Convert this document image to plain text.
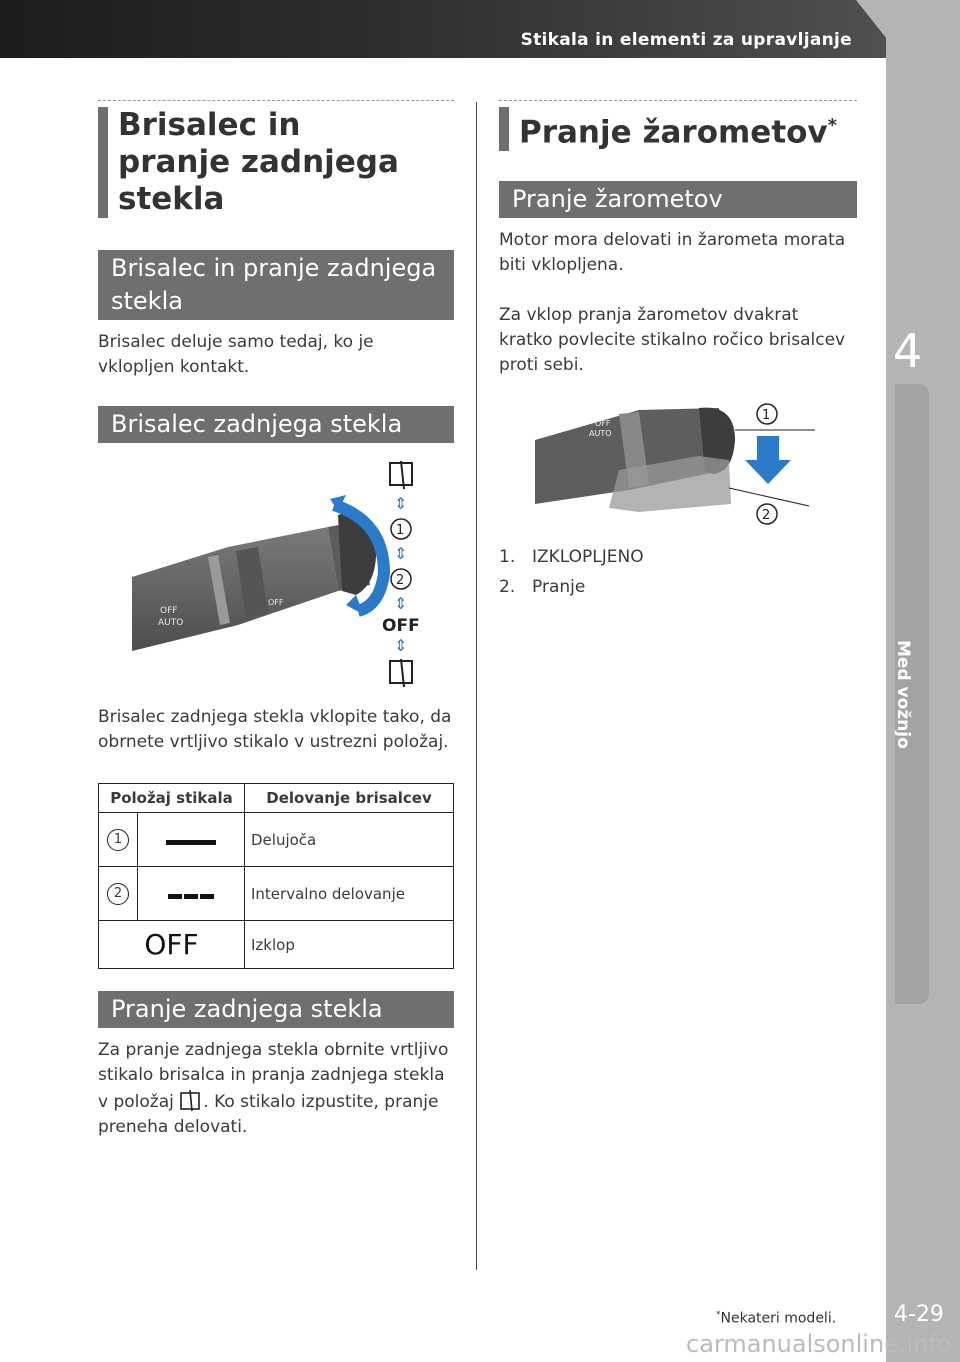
Stikala in elementi za upravljanje
4
Med vožnjo
4-29
Brisalec in pranje zadnjega stekla
Brisalec in pranje zadnjega stekla

Brisalec deluje samo tedaj, ko je vklopljen kontakt.

Brisalec zadnjega stekla
OFF
AUTO
OFF
⇕
1
⇕
2
⇕
OFF
⇕

Brisalec zadnjega stekla vklopite tako, da obrnete vrtljivo stikalo v ustrezni položaj.

Položaj stikala		Delovanje brisalcev
1		Delujoča
2		Intervalno delovanje
OFF		Izklop
Pranje zadnjega stekla

Za pranje zadnjega stekla obrnite vrtljivo stikalo brisalca in pranja zadnjega stekla v položaj . Ko stikalo izpustite, pranje preneha delovati.

Pranje žarometov*
Pranje žarometov

Motor mora delovati in žarometa morata biti vklopljena.

Za vklop pranja žarometov dvakrat kratko povlecite stikalno ročico brisalcev proti sebi.

OFF
AUTO
1
2
1. IZKLOPLJENO
2. Pranje
*Nekateri modeli.
carmanualsonline.info
